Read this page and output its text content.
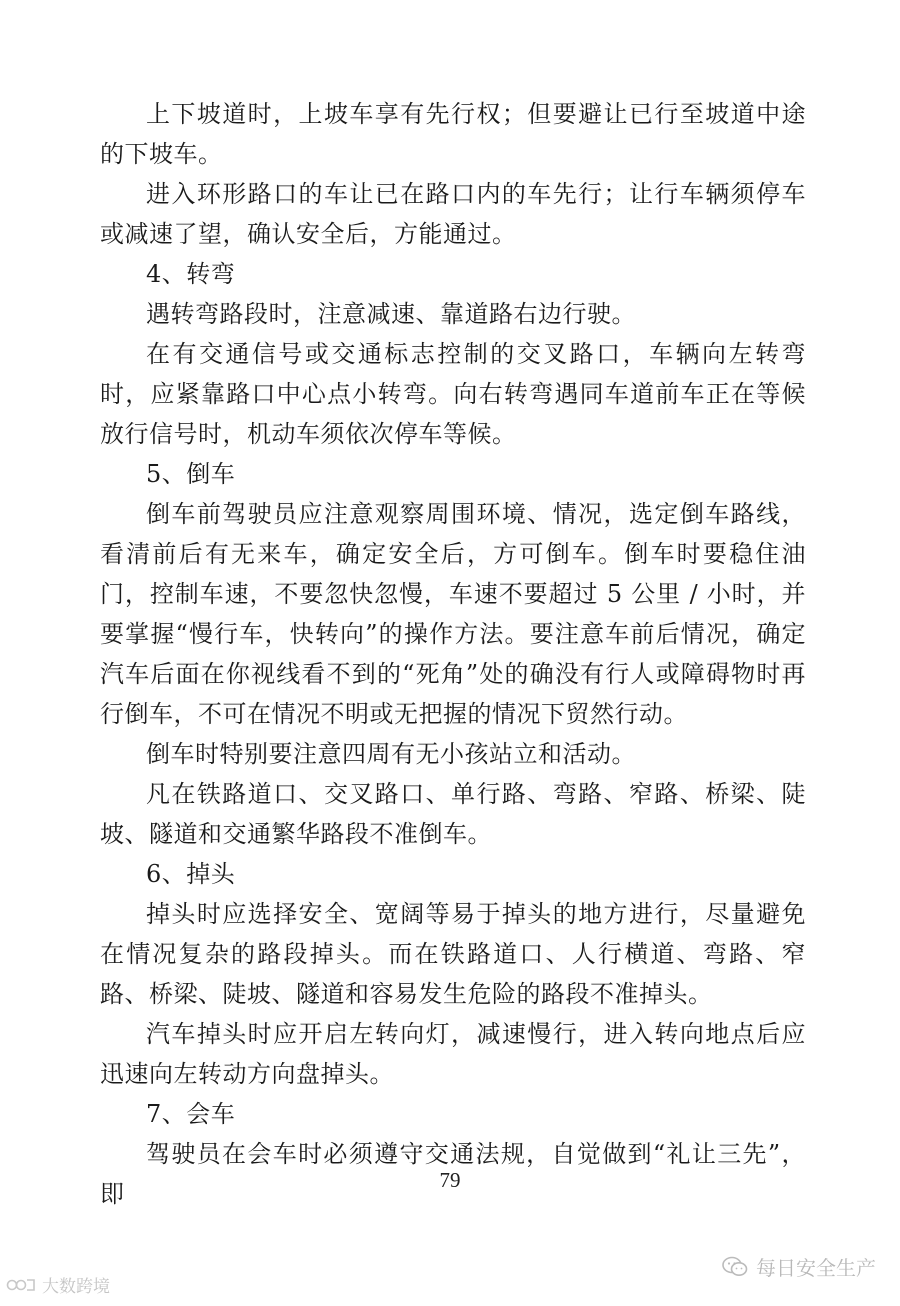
上下坡道时，上坡车享有先行权；但要避让已行至坡道中途的下坡车。

进入环形路口的车让已在路口内的车先行；让行车辆须停车或减速了望，确认安全后，方能通过。

4、转弯

遇转弯路段时，注意减速、靠道路右边行驶。

在有交通信号或交通标志控制的交叉路口，车辆向左转弯时，应紧靠路口中心点小转弯。向右转弯遇同车道前车正在等候放行信号时，机动车须依次停车等候。

5、倒车

倒车前驾驶员应注意观察周围环境、情况，选定倒车路线，看清前后有无来车，确定安全后，方可倒车。倒车时要稳住油门，控制车速，不要忽快忽慢，车速不要超过 5 公里 / 小时，并要掌握“慢行车，快转向”的操作方法。要注意车前后情况，确定汽车后面在你视线看不到的“死角”处的确没有行人或障碍物时再行倒车，不可在情况不明或无把握的情况下贸然行动。

倒车时特别要注意四周有无小孩站立和活动。

凡在铁路道口、交叉路口、单行路、弯路、窄路、桥梁、陡坡、隧道和交通繁华路段不准倒车。

6、掉头

掉头时应选择安全、宽阔等易于掉头的地方进行，尽量避免在情况复杂的路段掉头。而在铁路道口、人行横道、弯路、窄路、桥梁、陡坡、隧道和容易发生危险的路段不准掉头。

汽车掉头时应开启左转向灯，减速慢行，进入转向地点后应迅速向左转动方向盘掉头。

7、会车

驾驶员在会车时必须遵守交通法规，自觉做到“礼让三先”，即	79
每日安全生产
大数跨境
